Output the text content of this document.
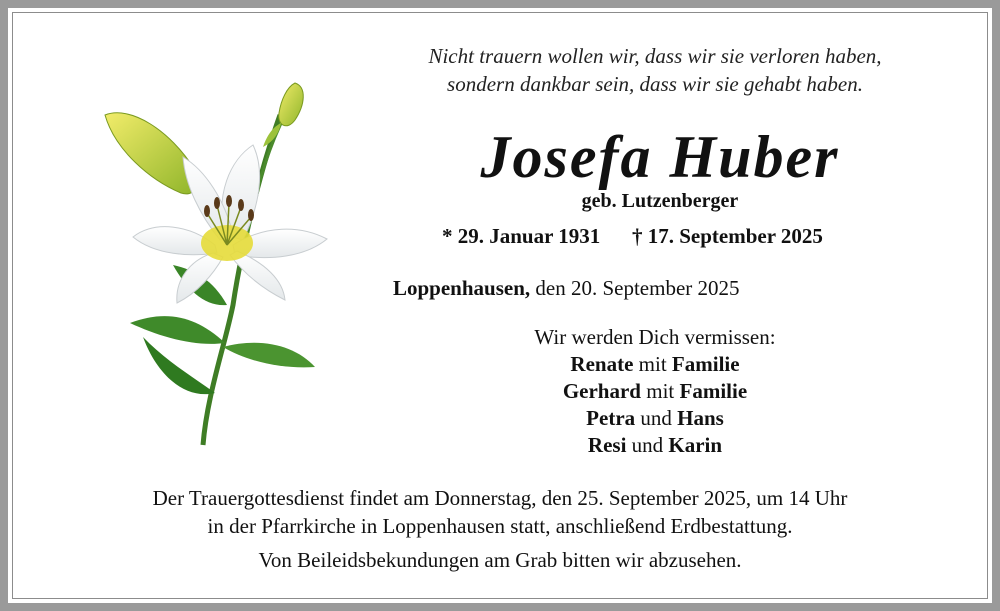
Nicht trauern wollen wir, dass wir sie verloren haben,
sondern dankbar sein, dass wir sie gehabt haben.
Josefa Huber
geb. Lutzenberger
* 29. Januar 1931 † 17. September 2025
Loppenhausen, den 20. September 2025
Wir werden Dich vermissen:
Renate mit Familie
Gerhard mit Familie
Petra und Hans
Resi und Karin
Der Trauergottesdienst findet am Donnerstag, den 25. September 2025, um 14 Uhr
in der Pfarrkirche in Loppenhausen statt, anschließend Erdbestattung.
Von Beileidsbekundungen am Grab bitten wir abzusehen.
